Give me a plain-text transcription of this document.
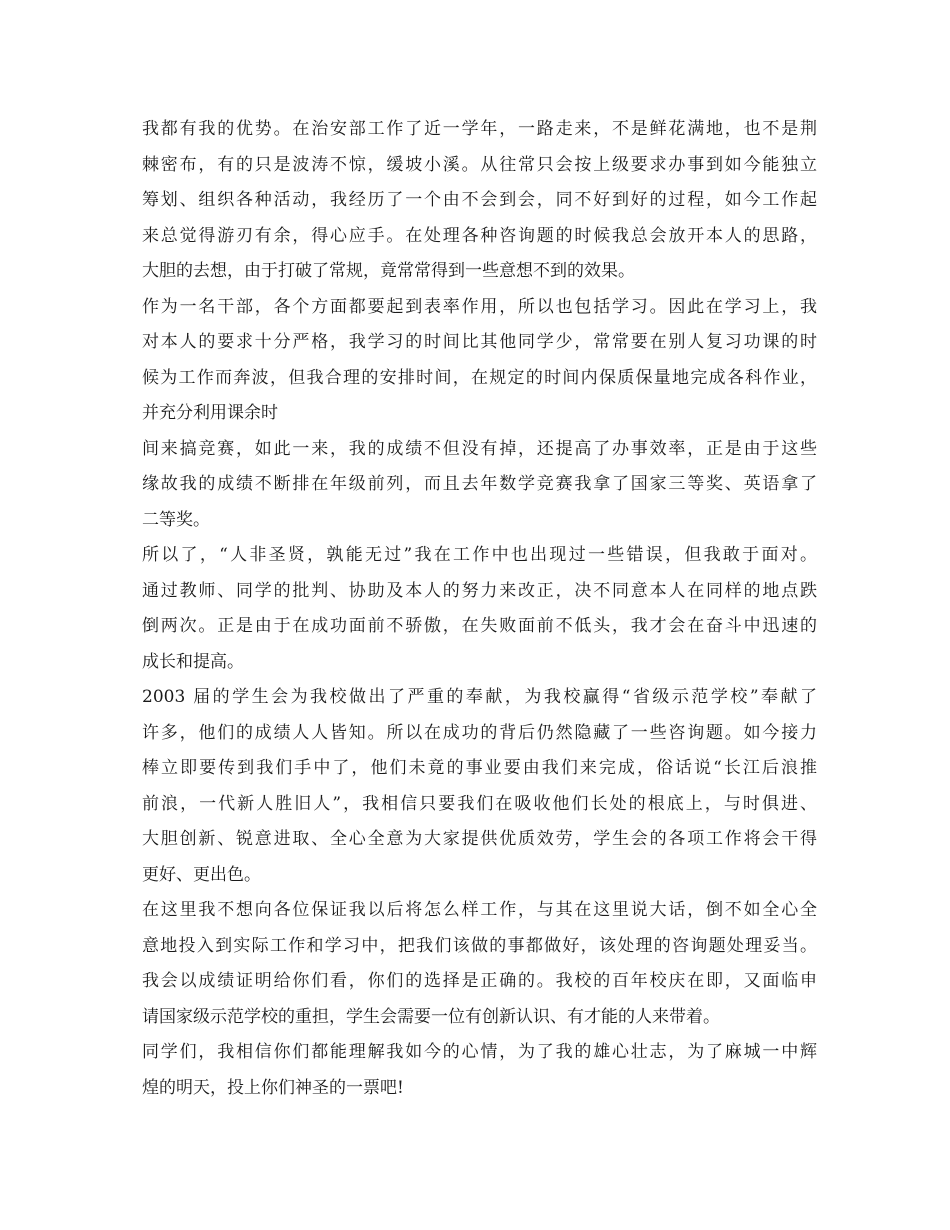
我都有我的优势。在治安部工作了近一学年，一路走来，不是鲜花满地，也不是荆
棘密布，有的只是波涛不惊，缓坡小溪。从往常只会按上级要求办事到如今能独立
筹划、组织各种活动，我经历了一个由不会到会，同不好到好的过程，如今工作起
来总觉得游刃有余，得心应手。在处理各种咨询题的时候我总会放开本人的思路，
大胆的去想，由于打破了常规，竟常常得到一些意想不到的效果。
作为一名干部，各个方面都要起到表率作用，所以也包括学习。因此在学习上，我
对本人的要求十分严格，我学习的时间比其他同学少，常常要在别人复习功课的时
候为工作而奔波，但我合理的安排时间，在规定的时间内保质保量地完成各科作业，
并充分利用课余时
间来搞竞赛，如此一来，我的成绩不但没有掉，还提高了办事效率，正是由于这些
缘故我的成绩不断排在年级前列，而且去年数学竞赛我拿了国家三等奖、英语拿了
二等奖。
所以了，“人非圣贤，孰能无过”我在工作中也出现过一些错误，但我敢于面对。
通过教师、同学的批判、协助及本人的努力来改正，决不同意本人在同样的地点跌
倒两次。正是由于在成功面前不骄傲，在失败面前不低头，我才会在奋斗中迅速的
成长和提高。
2003 届的学生会为我校做出了严重的奉献，为我校赢得“省级示范学校”奉献了
许多，他们的成绩人人皆知。所以在成功的背后仍然隐藏了一些咨询题。如今接力
棒立即要传到我们手中了，他们未竟的事业要由我们来完成，俗话说“长江后浪推
前浪，一代新人胜旧人”，我相信只要我们在吸收他们长处的根底上，与时俱进、
大胆创新、锐意进取、全心全意为大家提供优质效劳，学生会的各项工作将会干得
更好、更出色。
在这里我不想向各位保证我以后将怎么样工作，与其在这里说大话，倒不如全心全
意地投入到实际工作和学习中，把我们该做的事都做好，该处理的咨询题处理妥当。
我会以成绩证明给你们看，你们的选择是正确的。我校的百年校庆在即，又面临申
请国家级示范学校的重担，学生会需要一位有创新认识、有才能的人来带着。
同学们，我相信你们都能理解我如今的心情，为了我的雄心壮志，为了麻城一中辉
煌的明天，投上你们神圣的一票吧!
